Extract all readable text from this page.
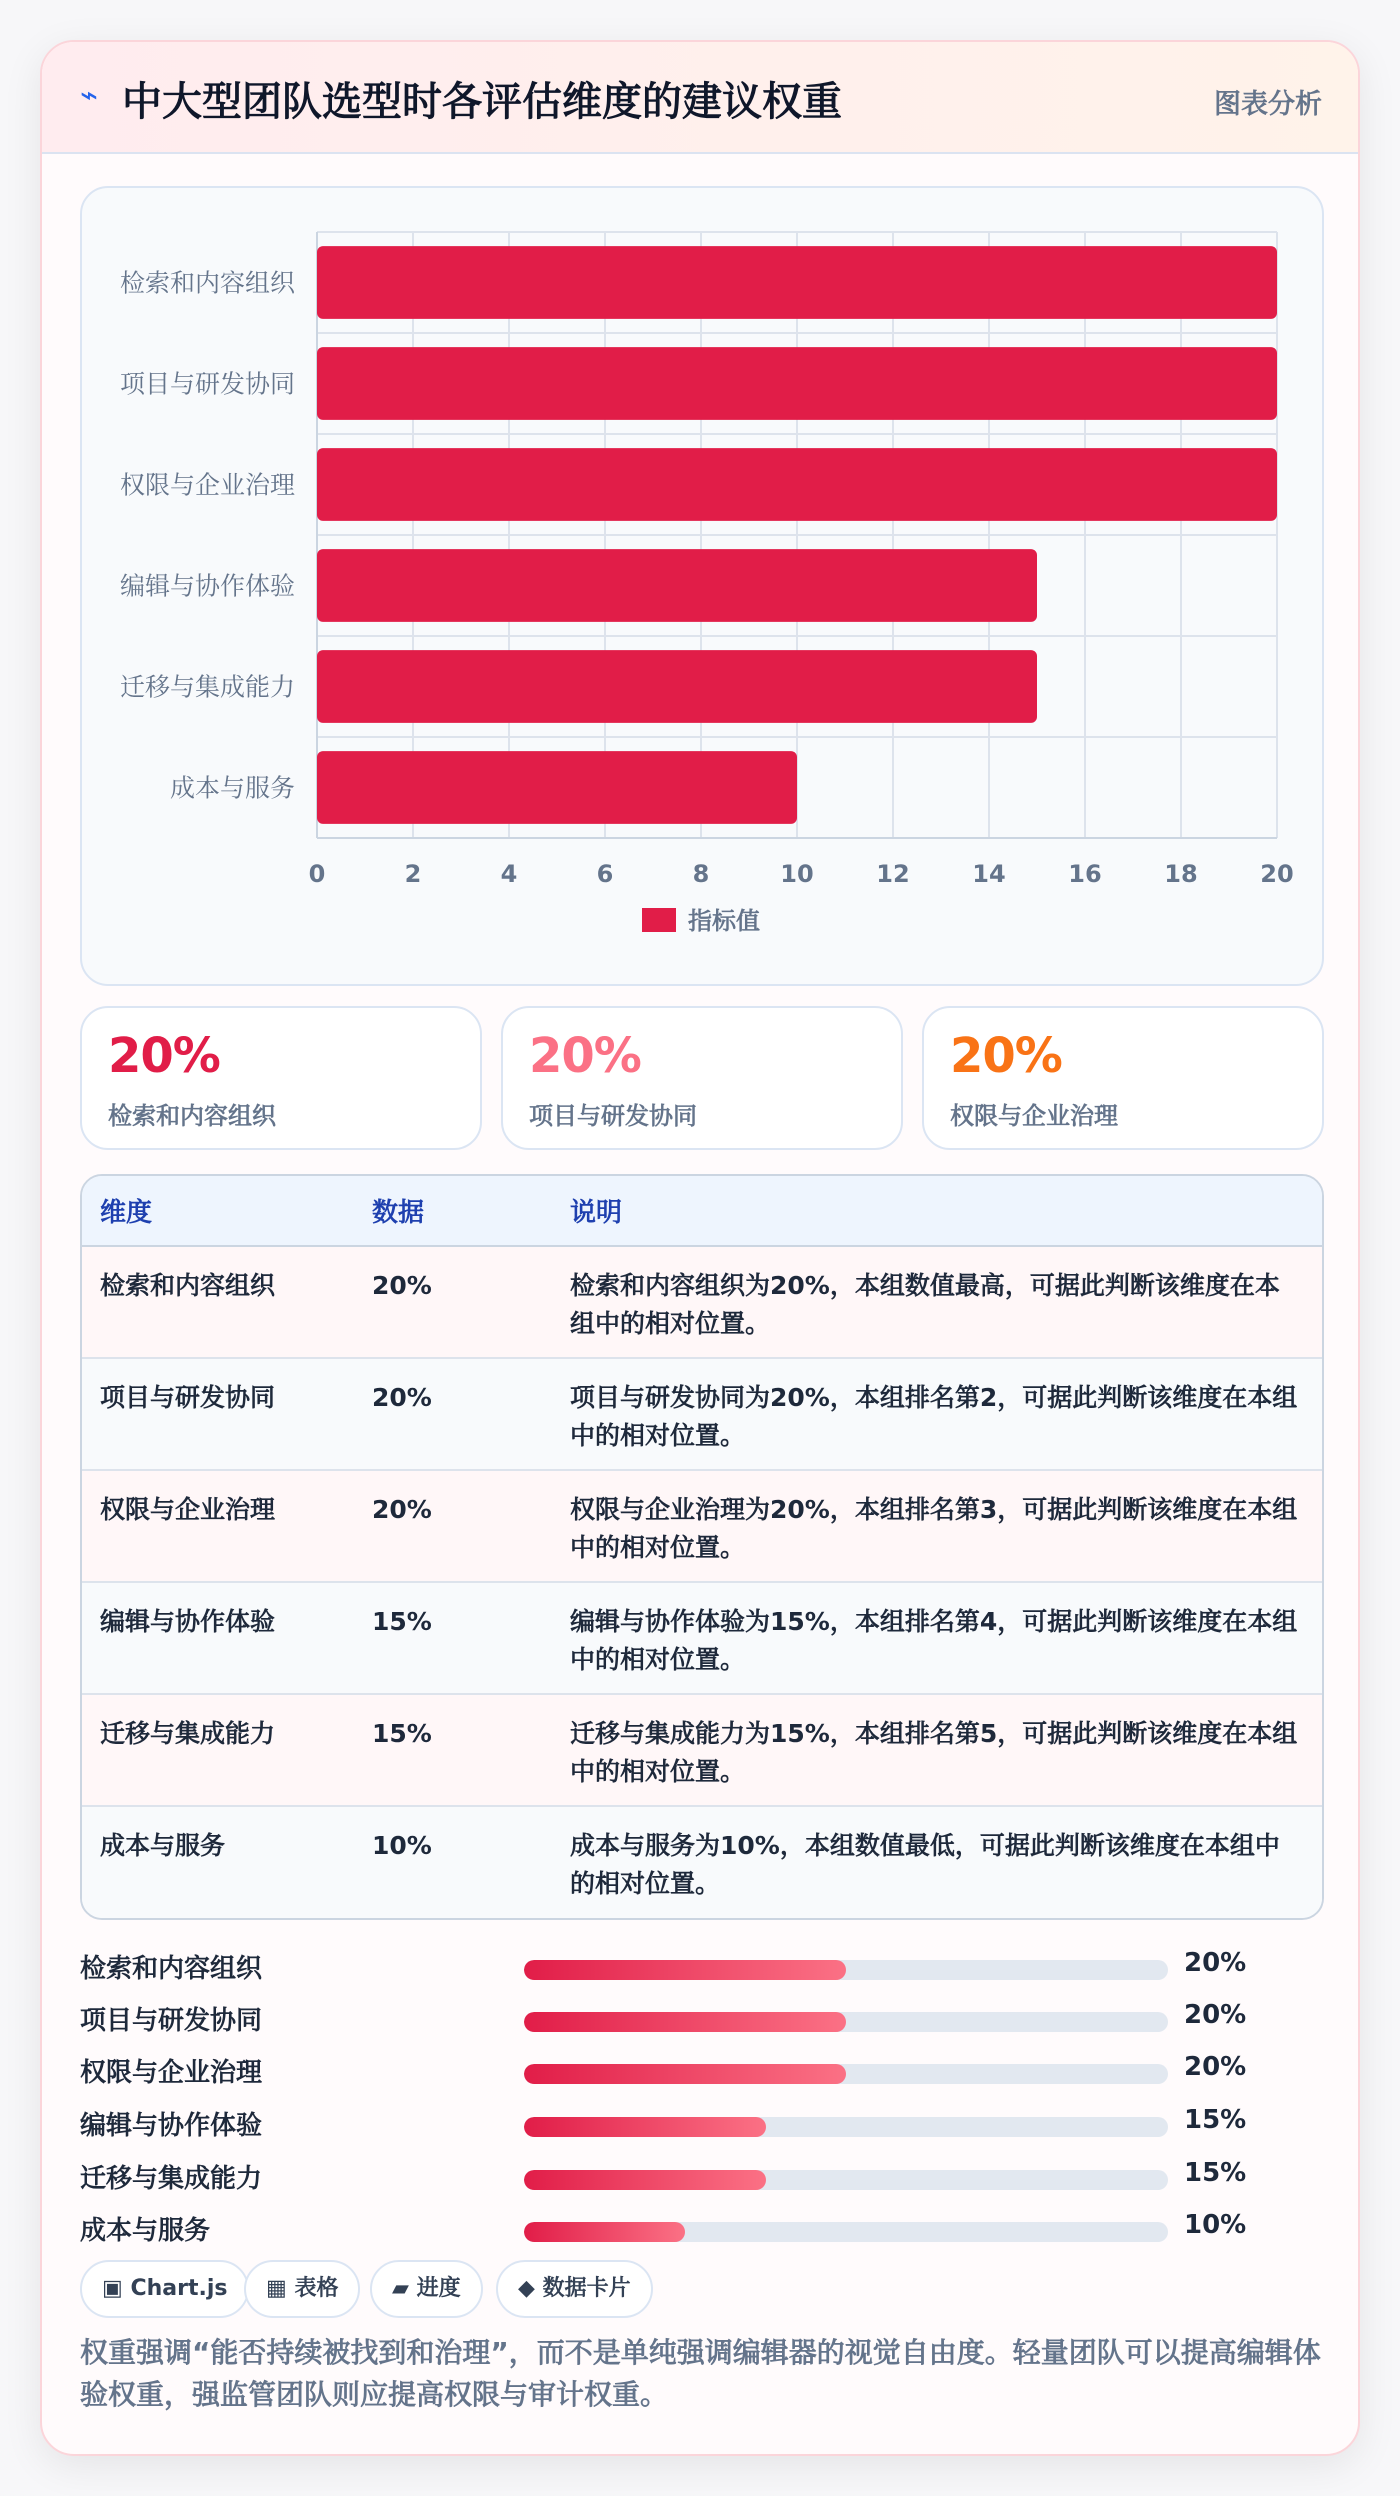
⌁ 中大型团队选型时各评估维度的建议权重	图表分析
检索和内容组织
项目与研发协同
权限与企业治理
编辑与协作体验
迁移与集成能力
成本与服务
0	2	4	6	8	10	12	14	16	18	20
指标值
20%
检索和内容组织
20%
项目与研发协同
20%
权限与企业治理
维度	数据	说明
检索和内容组织	20%	检索和内容组织为20%，本组数值最高，可据此判断该维度在本组中的相对位置。
项目与研发协同	20%	项目与研发协同为20%，本组排名第2，可据此判断该维度在本组中的相对位置。
权限与企业治理	20%	权限与企业治理为20%，本组排名第3，可据此判断该维度在本组中的相对位置。
编辑与协作体验	15%	编辑与协作体验为15%，本组排名第4，可据此判断该维度在本组中的相对位置。
迁移与集成能力	15%	迁移与集成能力为15%，本组排名第5，可据此判断该维度在本组中的相对位置。
成本与服务	10%	成本与服务为10%，本组数值最低，可据此判断该维度在本组中的相对位置。
检索和内容组织	20%
项目与研发协同	20%
权限与企业治理	20%
编辑与协作体验	15%
迁移与集成能力	15%
成本与服务	10%
▣ Chart.js	▦ 表格	▰ 进度	◆ 数据卡片
权重强调“能否持续被找到和治理”，而不是单纯强调编辑器的视觉自由度。轻量团队可以提高编辑体验权重，强监管团队则应提高权限与审计权重。
